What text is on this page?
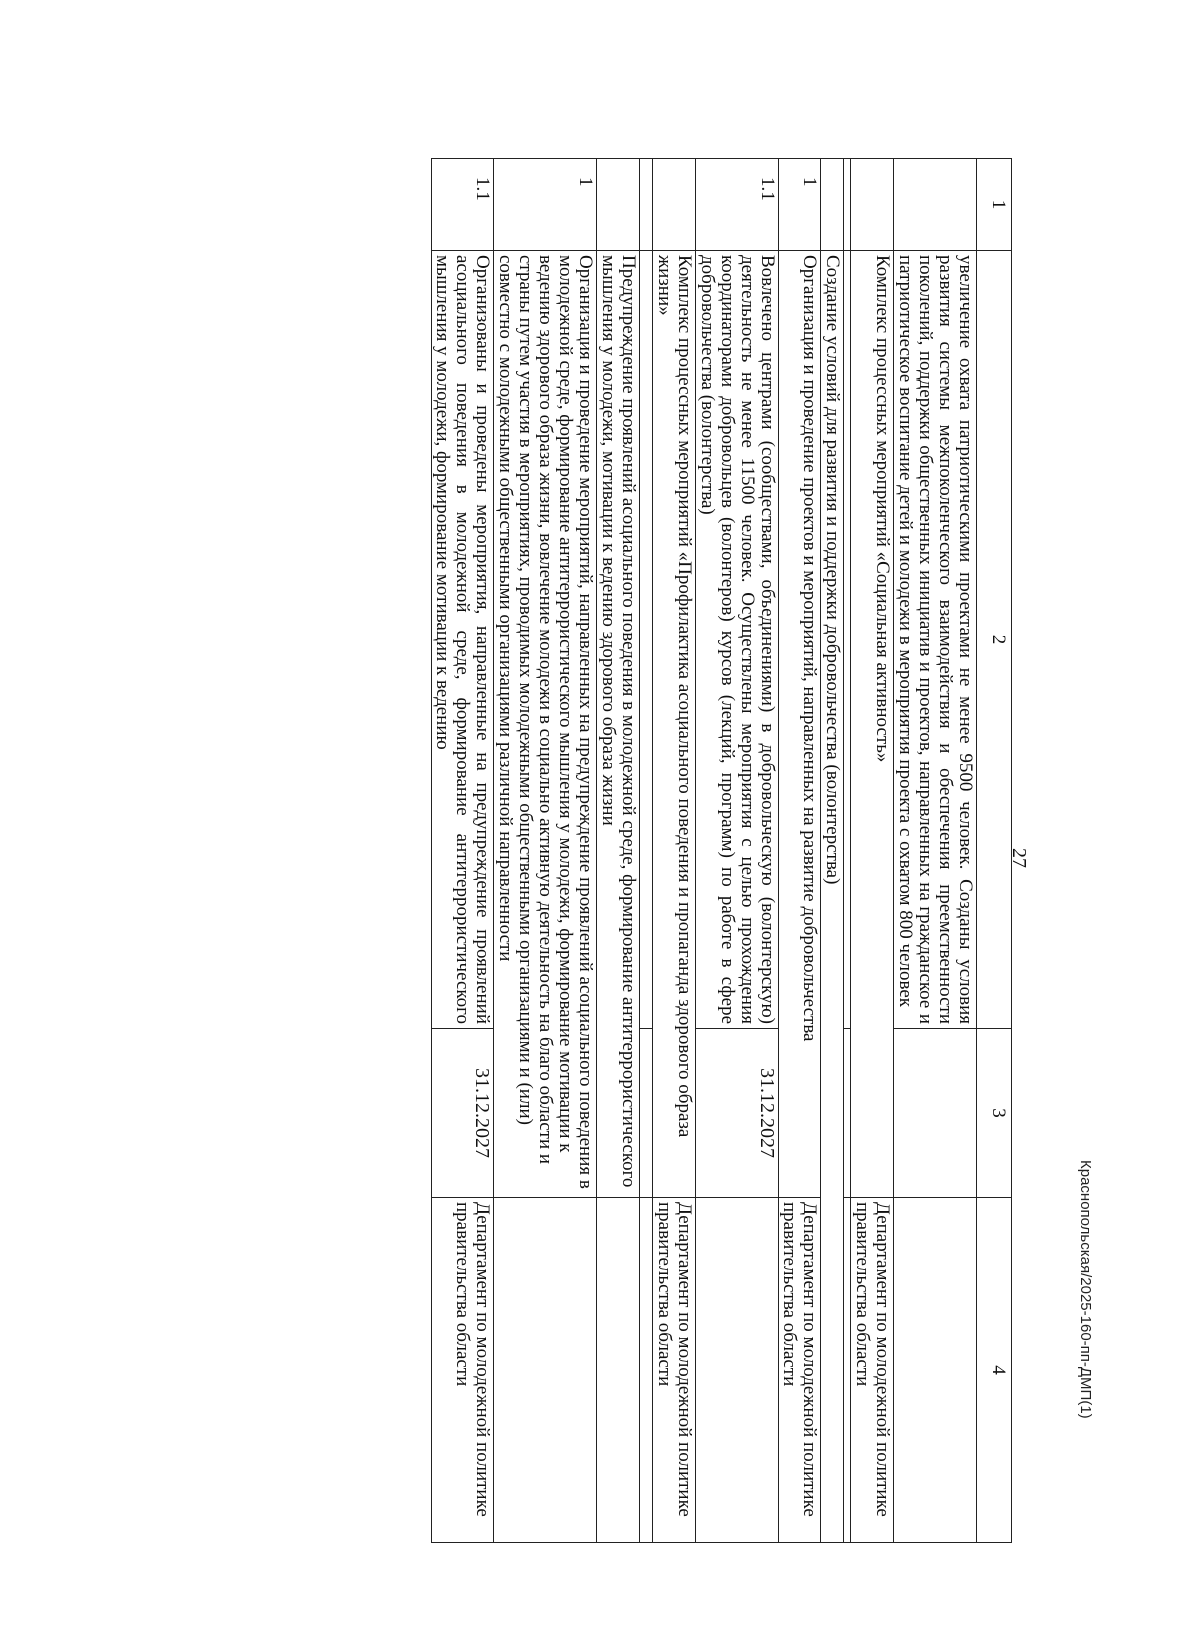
27
1	2	3	4
	увеличение охвата патриотическими проектами не менее 9500 человек. Созданы условия развития системы межпоколенческого взаимодействия и обеспечения преемственности поколений, поддержки общественных инициатив и проектов, направленных на гражданское и патриотическое воспитание детей и молодежи в мероприятия проекта с охватом 800 человек		
	Комплекс процессных мероприятий «Социальная активность»		Департамент по молодежной политике правительства области

	Создание условий для развития и поддержки добровольчества (волонтерства)		
1	Организация и проведение проектов и мероприятий, направленных на развитие добровольчества		Департамент по молодежной политике правительства области
1.1	Вовлечено центрами (сообществами, объединениями) в добровольческую (волонтерскую) деятельность не менее 11500 человек. Осуществлены мероприятия с целью прохождения координаторами добровольцев (волонтеров) курсов (лекций, программ) по работе в сфере добровольчества (волонтерства)	31.12.2027	
	Комплекс процессных мероприятий «Профилактика асоциального поведения и пропаганда здорового образа жизни»		Департамент по молодежной политике правительства области

	Предупреждение проявлений асоциального поведения в молодежной среде, формирование антитеррористического мышления у молодежи, мотивации к ведению здорового образа жизни		
1	Организация и проведение мероприятий, направленных на предупреждение проявлений асоциального поведения в молодежной среде, формирование антитеррористического мышления у молодежи, формирование мотивации к ведению здорового образа жизни, вовлечение молодежи в социально активную деятельность на благо области и страны путем участия в мероприятиях, проводимых молодежными общественными организациями и (или) совместно с молодежными общественными организациями различной направленности		
1.1	Организованы и проведены мероприятия, направленные на предупреждение проявлений асоциального поведения в молодежной среде, формирование антитеррористического мышления у молодежи, формирование мотивации к ведению	31.12.2027	Департамент по молодежной политике правительства области	Краснопольская/2025-160-пп-ДМП(1)
